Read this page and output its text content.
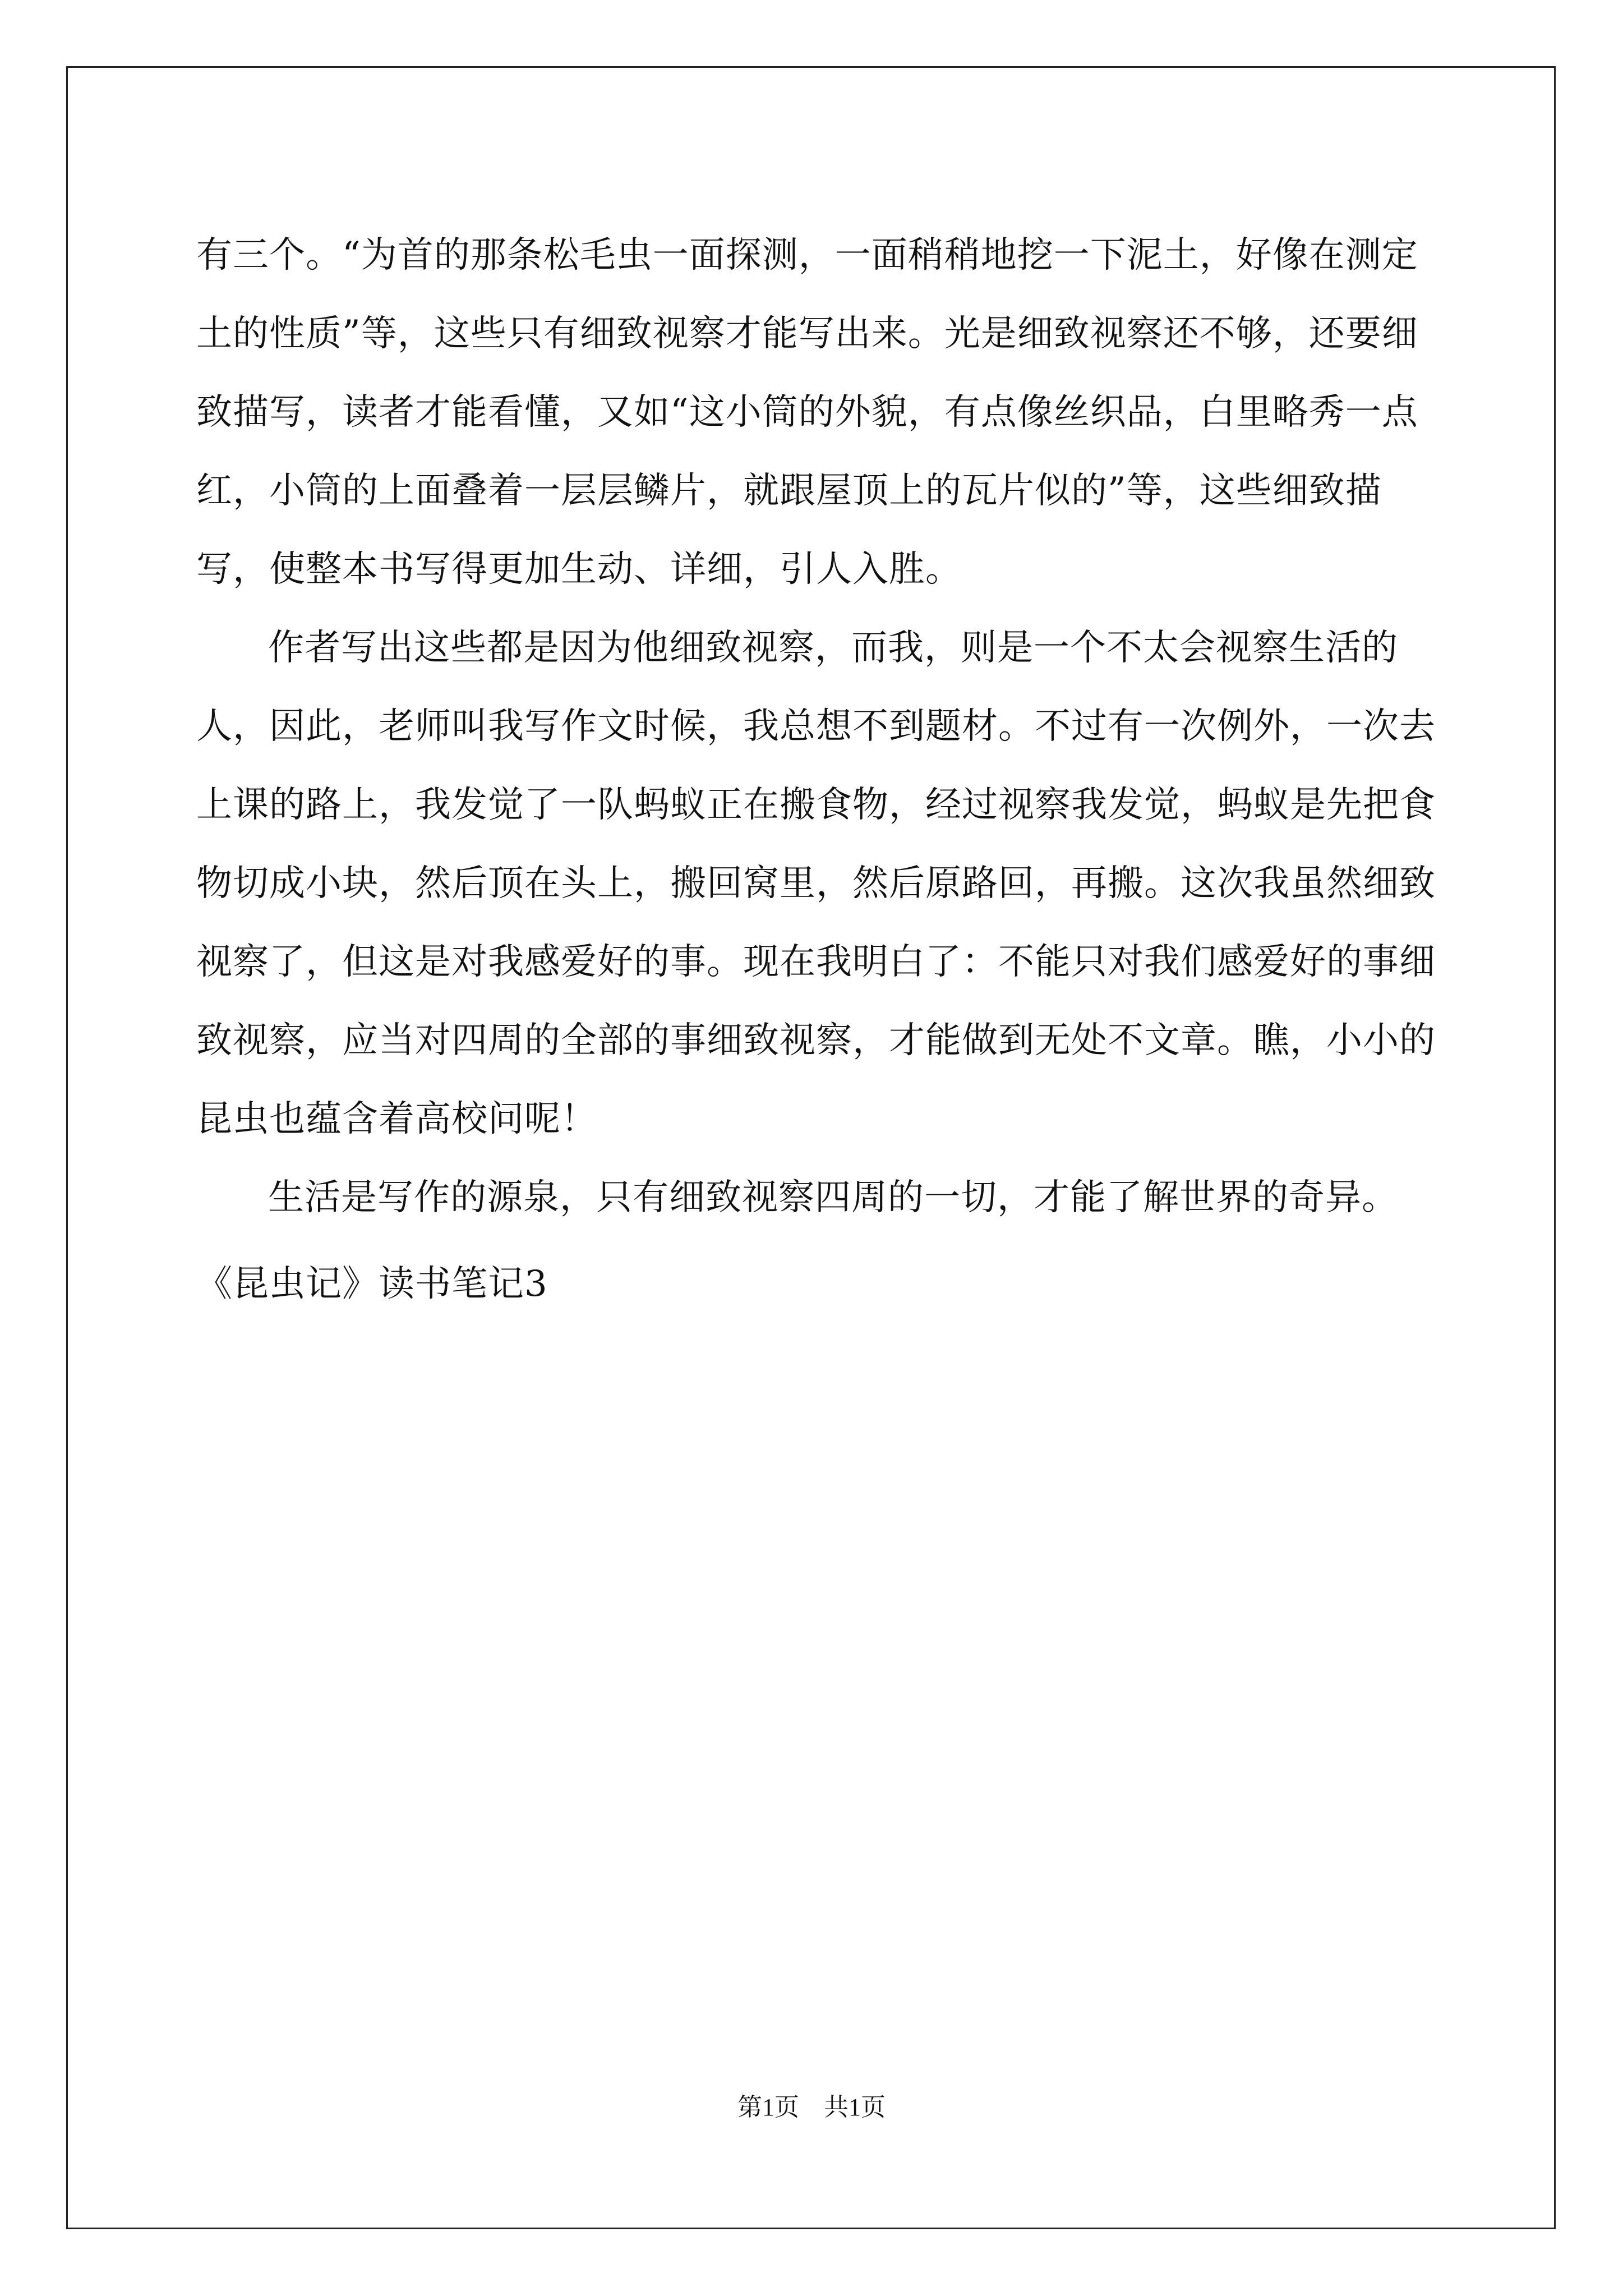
有三个。“为首的那条松毛虫一面探测，一面稍稍地挖一下泥土，好像在测定土的性质”等，这些只有细致视察才能写出来。光是细致视察还不够，还要细致描写，读者才能看懂，又如“这小筒的外貌，有点像丝织品，白里略秀一点红，小筒的上面叠着一层层鳞片，就跟屋顶上的瓦片似的”等，这些细致描写，使整本书写得更加生动、详细，引人入胜。

作者写出这些都是因为他细致视察，而我，则是一个不太会视察生活的人，因此，老师叫我写作文时候，我总想不到题材。不过有一次例外，一次去上课的路上，我发觉了一队蚂蚁正在搬食物，经过视察我发觉，蚂蚁是先把食物切成小块，然后顶在头上，搬回窝里，然后原路回，再搬。这次我虽然细致视察了，但这是对我感爱好的事。现在我明白了：不能只对我们感爱好的事细致视察，应当对四周的全部的事细致视察，才能做到无处不文章。瞧，小小的昆虫也蕴含着高校问呢！

生活是写作的源泉，只有细致视察四周的一切，才能了解世界的奇异。

《昆虫记》读书笔记3

第1页 共1页
